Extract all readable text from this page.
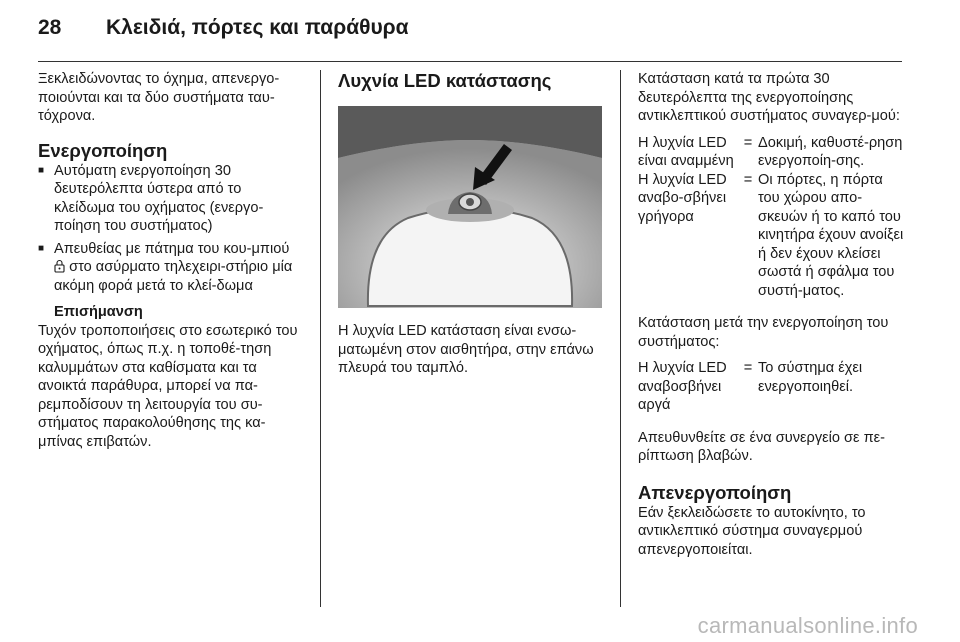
28 Κλειδιά, πόρτες και παράθυρα

Ξεκλειδώνοντας το όχημα, απενεργο-ποιούνται και τα δύο συστήματα ταυ-τόχρονα.

Ενεργοποίηση
■ Αυτόματη ενεργοποίηση 30 δευτερόλεπτα ύστερα από το κλείδωμα του οχήματος (ενεργο-ποίηση του συστήματος)
■ Απευθείας με πάτημα του κου-μπιού  στο ασύρματο τηλεχειρι-στήριο μία ακόμη φορά μετά το κλεί-δωμα

Επισήμανση

Τυχόν τροποποιήσεις στο εσωτερικό του οχήματος, όπως π.χ. η τοποθέ-τηση καλυμμάτων στα καθίσματα και τα ανοικτά παράθυρα, μπορεί να πα-ρεμποδίσουν τη λειτουργία του συ-στήματος παρακολούθησης της κα-μπίνας επιβατών.

Λυχνία LED κατάστασης

Η λυχνία LED κατάσταση είναι ενσω-ματωμένη στον αισθητήρα, στην επάνω πλευρά του ταμπλό.

Κατάσταση κατά τα πρώτα 30 δευτερόλεπτα της ενεργοποίησης αντικλεπτικού συστήματος συναγερ-μού:

Η λυχνία LED είναι αναμμένη
= Δοκιμή, καθυστέ-ρηση ενεργοποίη-σης.
Η λυχνία LED αναβο-σβήνει γρήγορα
= Οι πόρτες, η πόρτα του χώρου απο-σκευών ή το καπό του κινητήρα έχουν ανοίξει ή δεν έχουν κλείσει σωστά ή σφάλμα του συστή-ματος.

Κατάσταση μετά την ενεργοποίηση του συστήματος:

Η λυχνία LED αναβοσβήνει αργά
= Το σύστημα έχει ενεργοποιηθεί.

Απευθυνθείτε σε ένα συνεργείο σε πε-ρίπτωση βλαβών.

Απενεργοποίηση

Εάν ξεκλειδώσετε το αυτοκίνητο, το αντικλεπτικό σύστημα συναγερμού απενεργοποιείται.

carmanualsonline.info
